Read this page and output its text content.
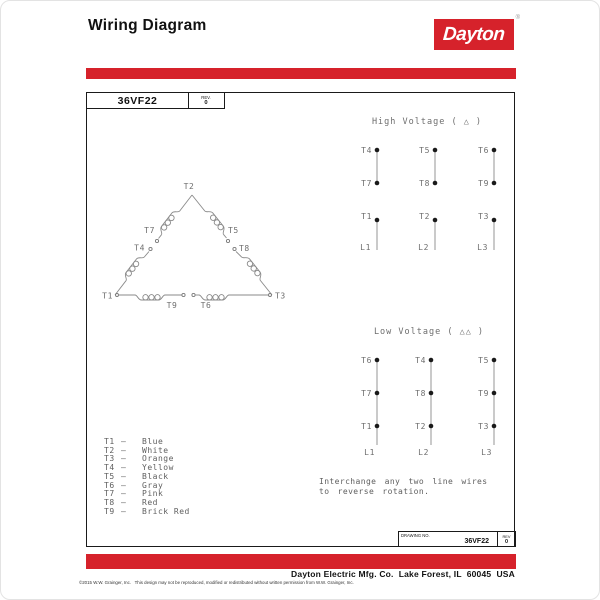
Wiring Diagram	Dayton
®
36VF22	REV.
0
T2
T1	T3
T7
T4
T5
T8
T9	T6
High Voltage ( △ )
T4
T7
T5
T8
T6
T9
T1
L1
T2
L2
T3
L3
Low Voltage ( △△ )
T6
T7
T1
L1
T4
T8
T2
L2
T5
T9
T3
L3
T1 —	Blue
T2 —	White
T3 —	Orange
T4 —	Yellow
T5 —	Black
T6 —	Gray
T7 —	Pink
T8 —	Red
T9 —	Brick Red
Interchange any two line wires
to reverse rotation.
DRAWING NO.
36VF22
REV
0
Dayton Electric Mfg. Co.  Lake Forest, IL  60045  USA
©2015 W.W. Grainger, Inc.   This design may not be reproduced, modified or redistributed without written permission from W.W. Grainger, Inc.
